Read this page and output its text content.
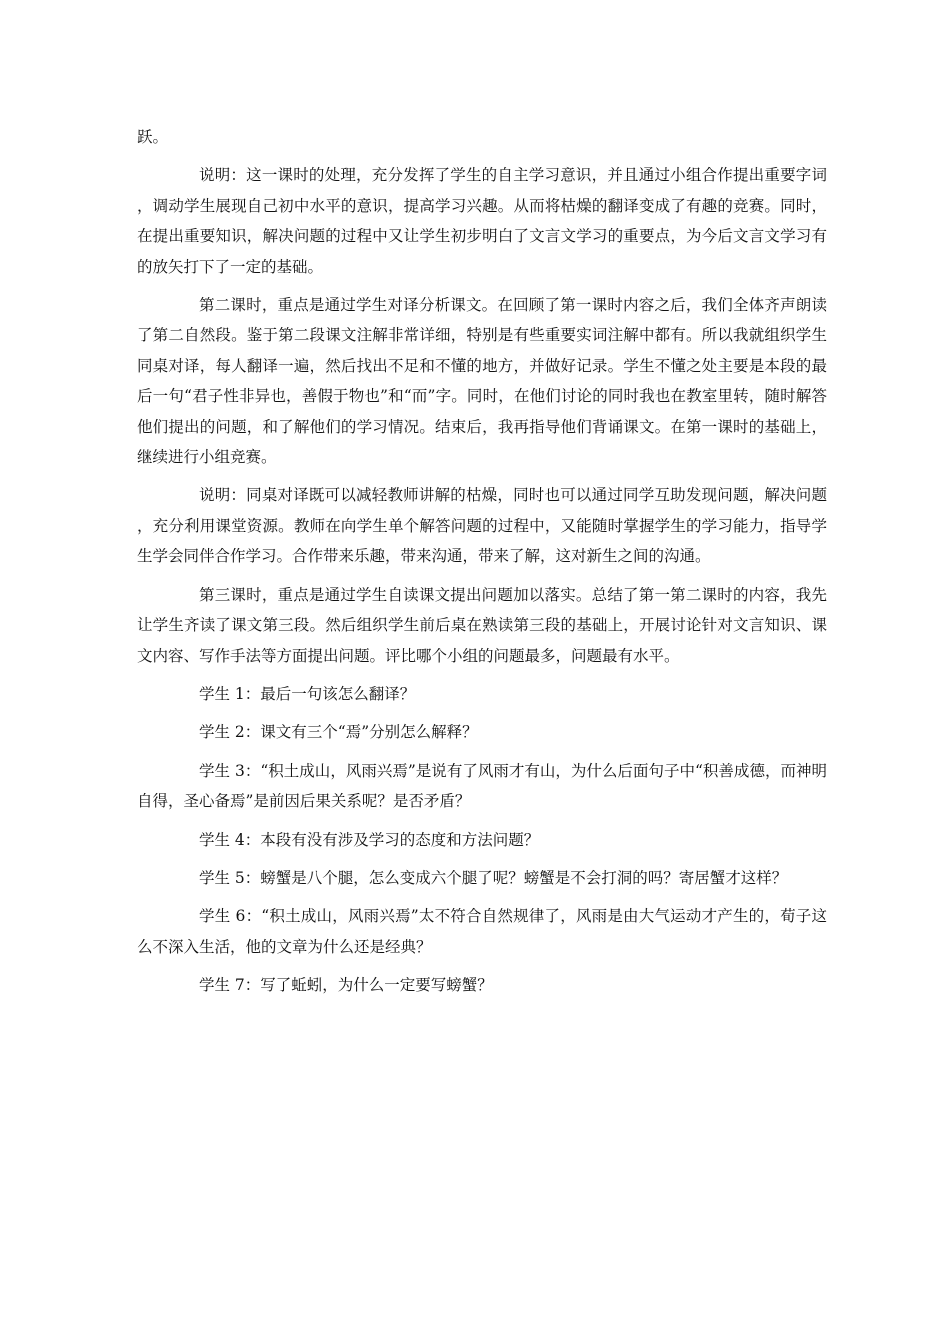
跃。

说明：这一课时的处理，充分发挥了学生的自主学习意识，并且通过小组合作提出重要字词，调动学生展现自己初中水平的意识，提高学习兴趣。从而将枯燥的翻译变成了有趣的竞赛。同时，在提出重要知识，解决问题的过程中又让学生初步明白了文言文学习的重要点，为今后文言文学习有的放矢打下了一定的基础。

第二课时，重点是通过学生对译分析课文。在回顾了第一课时内容之后，我们全体齐声朗读了第二自然段。鉴于第二段课文注解非常详细，特别是有些重要实词注解中都有。所以我就组织学生同桌对译，每人翻译一遍，然后找出不足和不懂的地方，并做好记录。学生不懂之处主要是本段的最后一句“君子性非异也，善假于物也”和“而”字。同时，在他们讨论的同时我也在教室里转，随时解答他们提出的问题，和了解他们的学习情况。结束后，我再指导他们背诵课文。在第一课时的基础上，继续进行小组竞赛。

说明：同桌对译既可以减轻教师讲解的枯燥，同时也可以通过同学互助发现问题，解决问题，充分利用课堂资源。教师在向学生单个解答问题的过程中，又能随时掌握学生的学习能力，指导学生学会同伴合作学习。合作带来乐趣，带来沟通，带来了解，这对新生之间的沟通。

第三课时，重点是通过学生自读课文提出问题加以落实。总结了第一第二课时的内容，我先让学生齐读了课文第三段。然后组织学生前后桌在熟读第三段的基础上，开展讨论针对文言知识、课文内容、写作手法等方面提出问题。评比哪个小组的问题最多，问题最有水平。

学生 1：最后一句该怎么翻译？

学生 2：课文有三个“焉”分别怎么解释？

学生 3：“积土成山，风雨兴焉”是说有了风雨才有山，为什么后面句子中“积善成德，而神明自得，圣心备焉”是前因后果关系呢？是否矛盾？

学生 4：本段有没有涉及学习的态度和方法问题？

学生 5：螃蟹是八个腿，怎么变成六个腿了呢？螃蟹是不会打洞的吗？寄居蟹才这样？

学生 6：“积土成山，风雨兴焉”太不符合自然规律了，风雨是由大气运动才产生的，荀子这么不深入生活，他的文章为什么还是经典？

学生 7：写了蚯蚓，为什么一定要写螃蟹？
